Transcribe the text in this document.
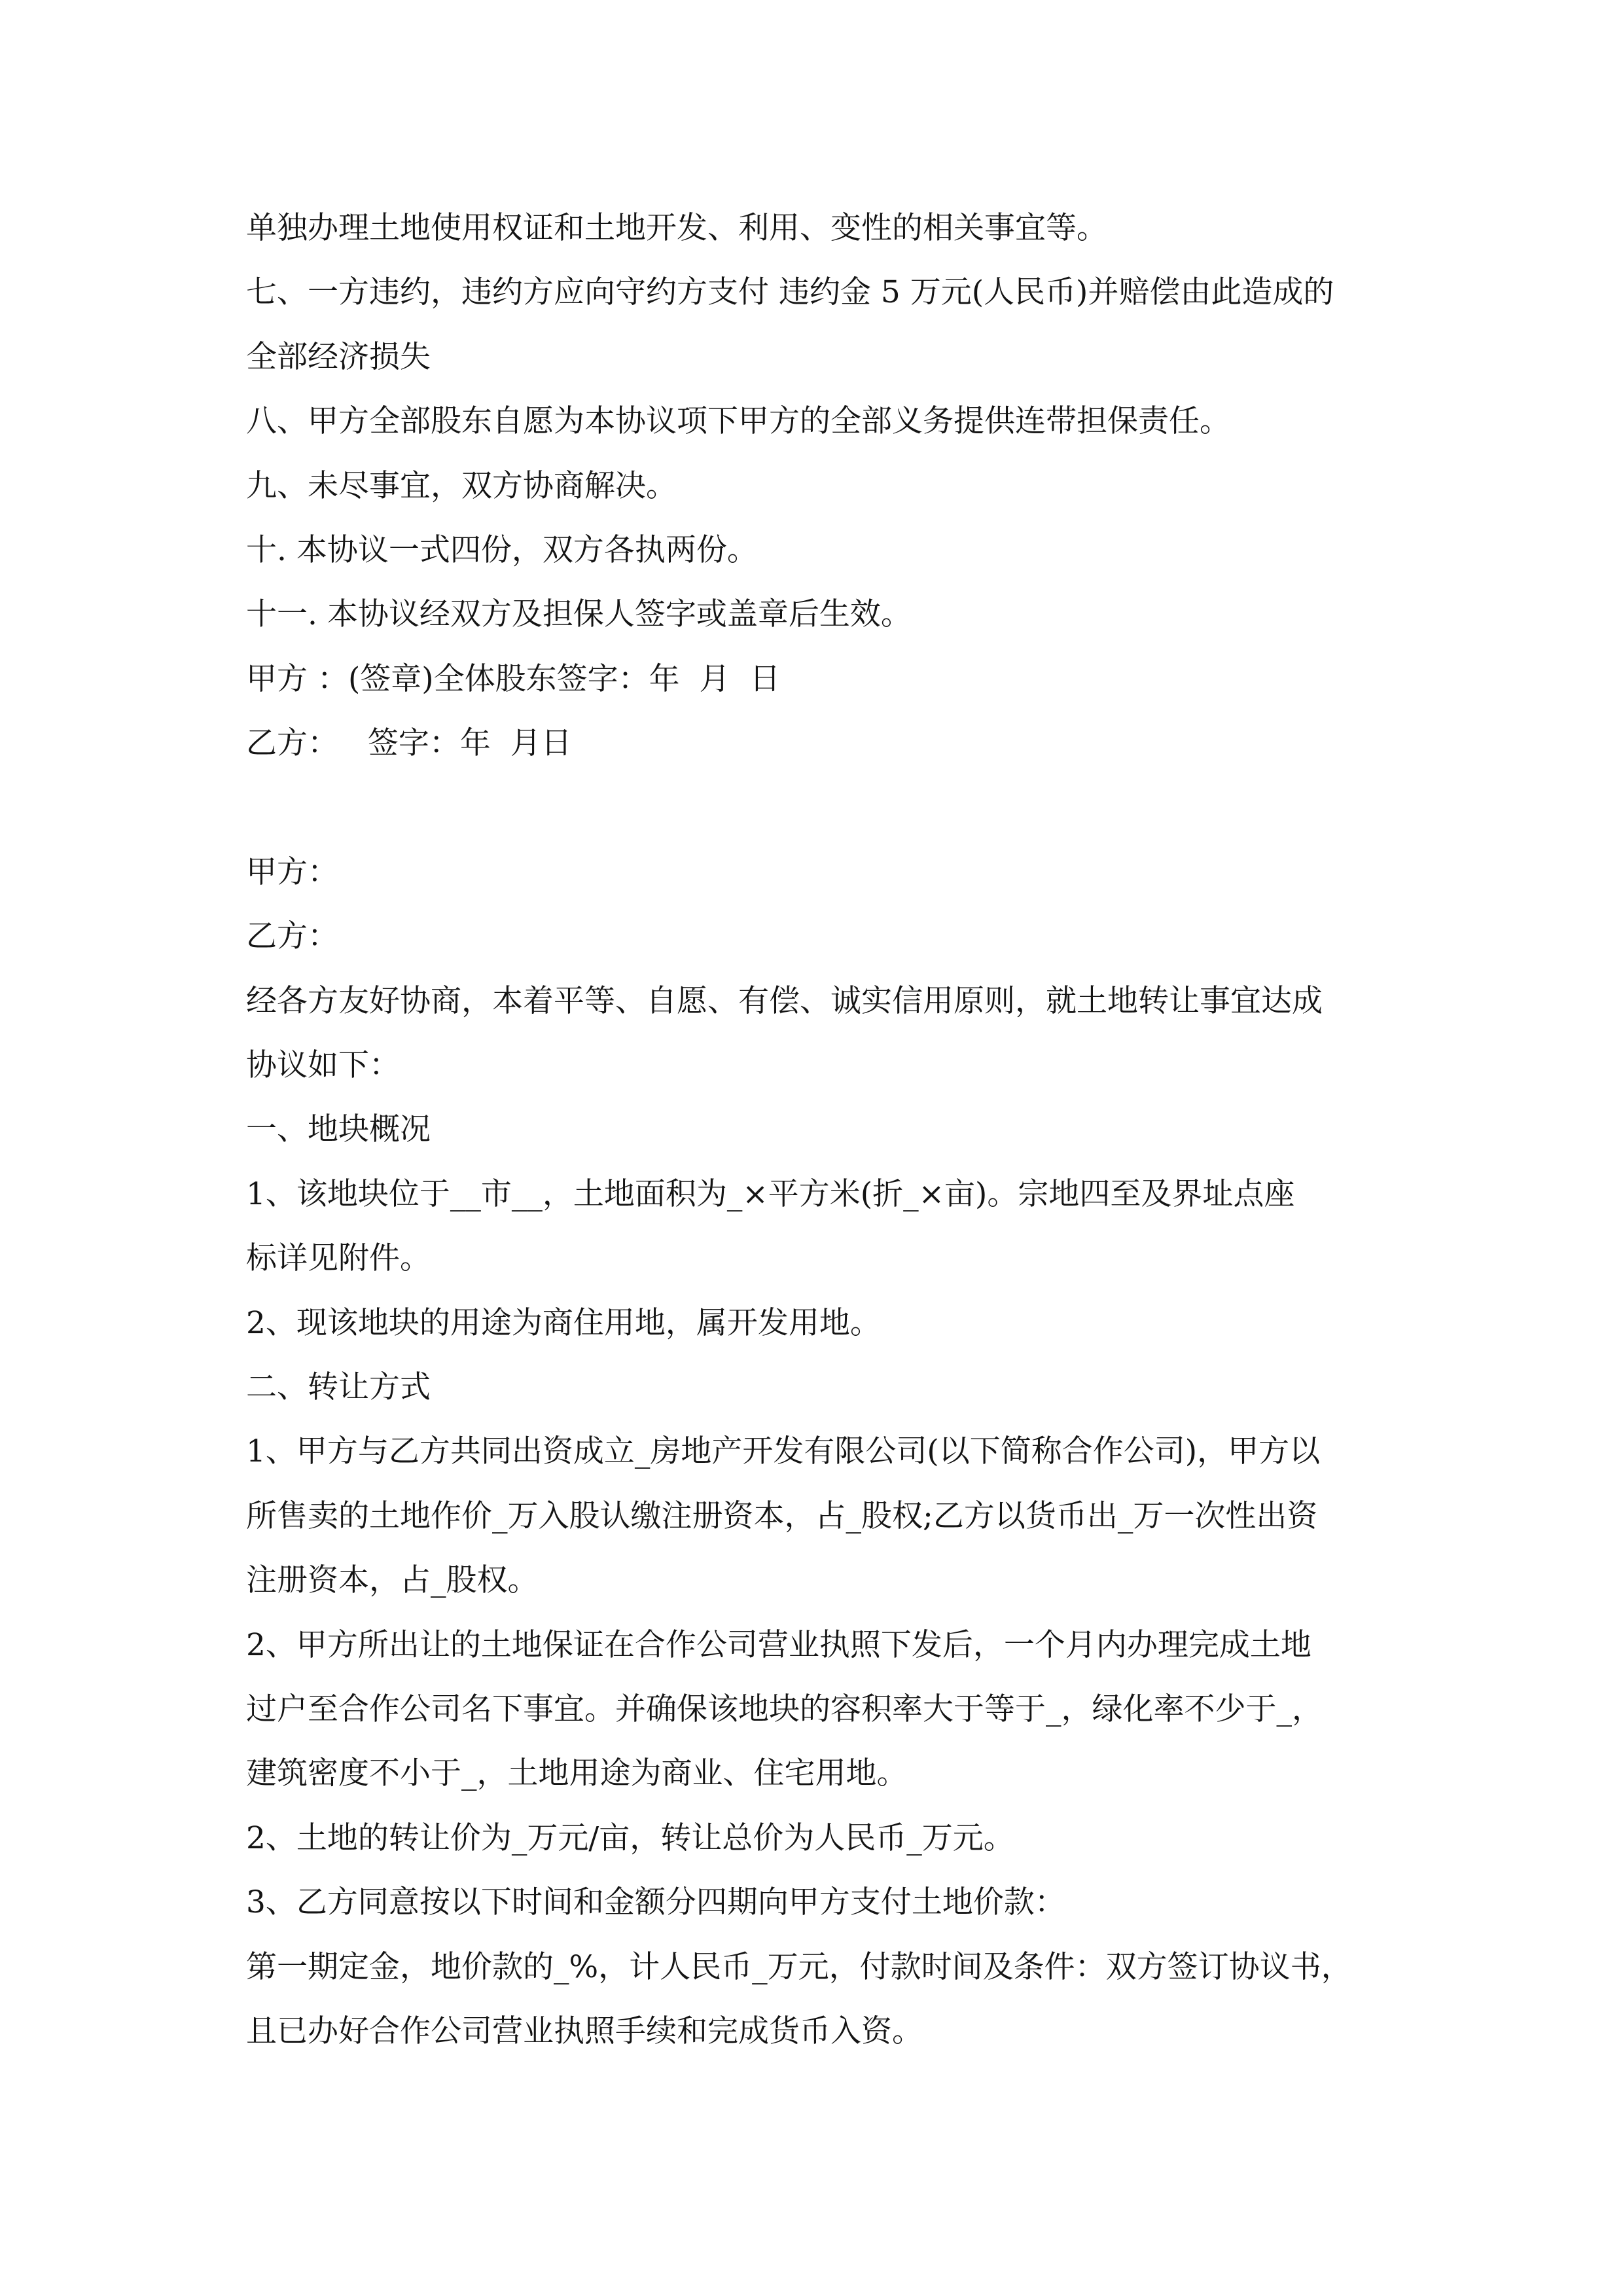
单独办理土地使用权证和土地开发、利用、变性的相关事宜等。

七、一方违约，违约方应向守约方支付 违约金 5 万元(人民币)并赔偿由此造成的

全部经济损失

八、甲方全部股东自愿为本协议项下甲方的全部义务提供连带担保责任。

九、未尽事宜，双方协商解决。

十. 本协议一式四份，双方各执两份。

十一. 本协议经双方及担保人签字或盖章后生效。

甲方 ：(签章)全体股东签字：年  月  日

乙方：   签字：年  月日

甲方：

乙方：

经各方友好协商，本着平等、自愿、有偿、诚实信用原则，就土地转让事宜达成

协议如下：

一、地块概况

1、该地块位于__市__，土地面积为_×平方米(折_×亩)。宗地四至及界址点座

标详见附件。

2、现该地块的用途为商住用地，属开发用地。

二、转让方式

1、甲方与乙方共同出资成立_房地产开发有限公司(以下简称合作公司)，甲方以

所售卖的土地作价_万入股认缴注册资本，占_股权;乙方以货币出_万一次性出资

注册资本，占_股权。

2、甲方所出让的土地保证在合作公司营业执照下发后，一个月内办理完成土地

过户至合作公司名下事宜。并确保该地块的容积率大于等于_，绿化率不少于_，

建筑密度不小于_，土地用途为商业、住宅用地。

2、土地的转让价为_万元/亩，转让总价为人民币_万元。

3、乙方同意按以下时间和金额分四期向甲方支付土地价款：

第一期定金，地价款的_%，计人民币_万元，付款时间及条件：双方签订协议书，

且已办好合作公司营业执照手续和完成货币入资。
